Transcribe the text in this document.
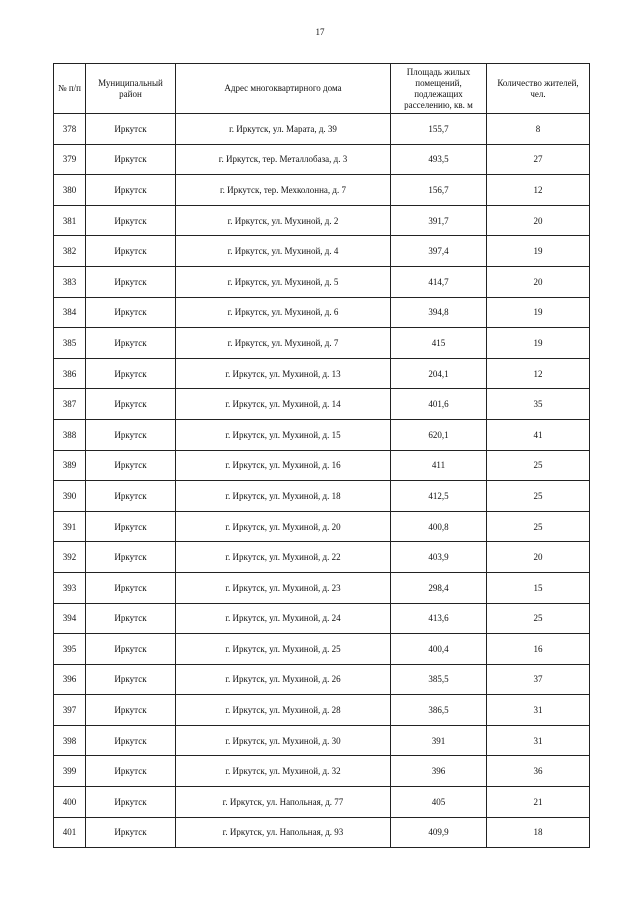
17
№ п/п	Муниципальный район	Адрес многоквартирного дома	Площадь жилых помещений, подлежащих расселению, кв. м	Количество жителей, чел.
378	Иркутск	г. Иркутск, ул. Марата, д. 39	155,7	8
379	Иркутск	г. Иркутск, тер. Металлобаза, д. 3	493,5	27
380	Иркутск	г. Иркутск, тер. Мехколонна, д. 7	156,7	12
381	Иркутск	г. Иркутск, ул. Мухиной, д. 2	391,7	20
382	Иркутск	г. Иркутск, ул. Мухиной, д. 4	397,4	19
383	Иркутск	г. Иркутск, ул. Мухиной, д. 5	414,7	20
384	Иркутск	г. Иркутск, ул. Мухиной, д. 6	394,8	19
385	Иркутск	г. Иркутск, ул. Мухиной, д. 7	415	19
386	Иркутск	г. Иркутск, ул. Мухиной, д. 13	204,1	12
387	Иркутск	г. Иркутск, ул. Мухиной, д. 14	401,6	35
388	Иркутск	г. Иркутск, ул. Мухиной, д. 15	620,1	41
389	Иркутск	г. Иркутск, ул. Мухиной, д. 16	411	25
390	Иркутск	г. Иркутск, ул. Мухиной, д. 18	412,5	25
391	Иркутск	г. Иркутск, ул. Мухиной, д. 20	400,8	25
392	Иркутск	г. Иркутск, ул. Мухиной, д. 22	403,9	20
393	Иркутск	г. Иркутск, ул. Мухиной, д. 23	298,4	15
394	Иркутск	г. Иркутск, ул. Мухиной, д. 24	413,6	25
395	Иркутск	г. Иркутск, ул. Мухиной, д. 25	400,4	16
396	Иркутск	г. Иркутск, ул. Мухиной, д. 26	385,5	37
397	Иркутск	г. Иркутск, ул. Мухиной, д. 28	386,5	31
398	Иркутск	г. Иркутск, ул. Мухиной, д. 30	391	31
399	Иркутск	г. Иркутск, ул. Мухиной, д. 32	396	36
400	Иркутск	г. Иркутск, ул. Напольная, д. 77	405	21
401	Иркутск	г. Иркутск, ул. Напольная, д. 93	409,9	18
